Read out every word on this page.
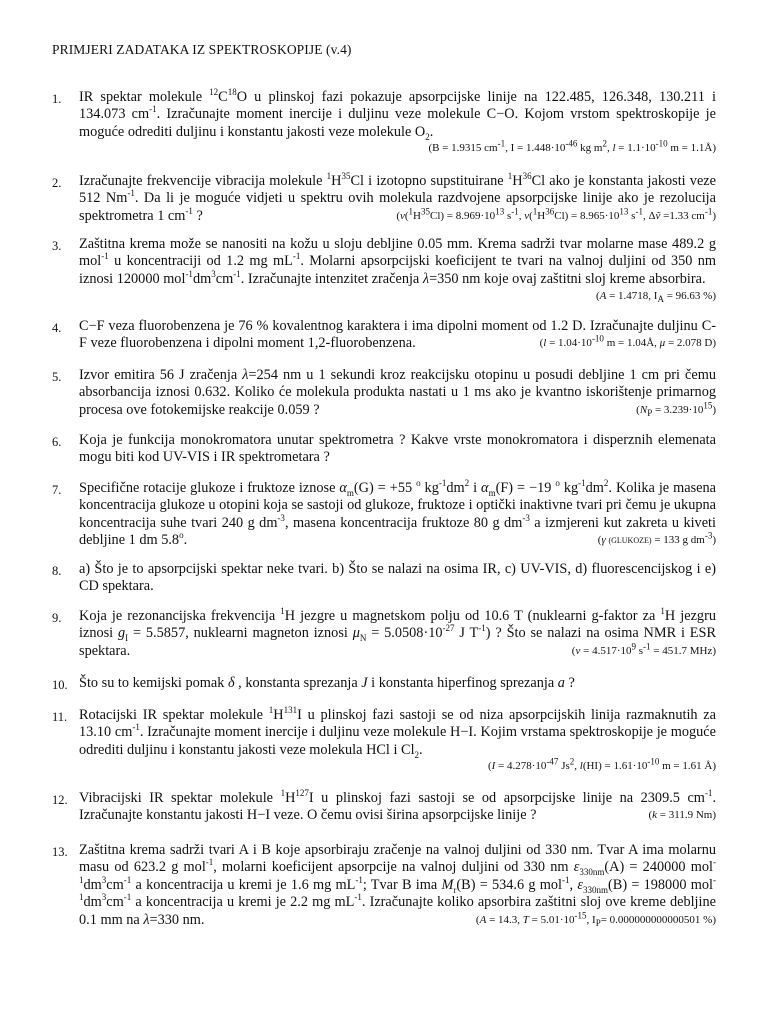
PRIMJERI ZADATAKA IZ SPEKTROSKOPIJE (v.4)
1.	IR spektar molekule $^{12}C^{18}O$ u plinskoj fazi pokazuje apsorpcijske linije na 122.485, 126.348, 130.211 i 134.073 $cm^{-1}$. Izračunajte moment inercije i duljinu veze molekule C−O. Kojom vrstom spektroskopije je moguće odrediti duljinu i konstantu jakosti veze molekule $O_2$.
(B = 1.9315 $cm^{-1}$, $I = 1.448\cdot 10^{-46}$ kg $m^2$, $l = 1.1\cdot 10^{-10}$ m = 1.1Å)
2.	Izračunajte frekvencije vibracija molekule $^1H^{35}Cl$ i izotopno supstituirane $^1H^{36}Cl$ ako je konstanta jakosti veze 512 $Nm^{-1}$. Da li je moguće vidjeti u spektru ovih molekula razdvojene apsorpcijske linije ako je rezolucija spektrometra 1 $cm^{-1}$ ?	($v(^1H^{35}Cl) = 8.969\cdot 10^{13}$ $s^{-1}$, $v(^1H^{36}Cl) = 8.965\cdot 10^{13}$ $s^{-1}$, Δṽ =1.33 $cm^{-1}$)
3.	Zaštitna krema može se nanositi na kožu u sloju debljine 0.05 mm. Krema sadrži tvar molarne mase 489.2 g mol$^{-1}$ u koncentraciji od 1.2 mg $mL^{-1}$. Molarni apsorpcijski koeficijent te tvari na valnoj duljini od 350 nm iznosi 120000 $mol^{-1}dm^3cm^{-1}$. Izračunajte intenzitet zračenja λ=350 nm koje ovaj zaštitni sloj kreme absorbira.
(A = 1.4718, $I_A = 96.63$ %)
4.	C−F veza fluorobenzena je 76 % kovalentnog karaktera i ima dipolni moment od 1.2 D. Izračunajte duljinu C-F veze fluorobenzena i dipolni moment 1,2-fluorobenzena.	($l = 1.04\cdot 10^{-10}$ m = 1.04Å, μ = 2.078 D)
5.	Izvor emitira 56 J zračenja λ=254 nm u 1 sekundi kroz reakcijsku otopinu u posudi debljine 1 cm pri čemu absorbancija iznosi 0.632. Koliko će molekula produkta nastati u 1 ms ako je kvantno iskorištenje primarnog procesa ove fotokemijske reakcije 0.059 ?	$(N_P = 3.239\cdot 10^{15})$
6.	Koja je funkcija monokromatora unutar spektrometra ? Kakve vrste monokromatora i disperznih elemenata mogu biti kod UV-VIS i IR spektrometara ?
7.	Specifične rotacije glukoze i fruktoze iznose $\alpha_m(G) = +55$ $^o$ $kg^{-1}dm^2$ i $\alpha_m(F) = -19$ $^o$ $kg^{-1}dm^2$. Kolika je masena koncentracija glukoze u otopini koja se sastoji od glukoze, fruktoze i optički inaktivne tvari pri čemu je ukupna koncentracija suhe tvari 240 g $dm^{-3}$, masena koncentracija fruktoze 80 g $dm^{-3}$ a izmjereni kut zakreta u kiveti debljine 1 dm 5.8$^o$.	(γ (GLUKOZE) = 133 g $dm^{-3}$)
8.	a) Što je to apsorpcijski spektar neke tvari. b) Što se nalazi na osima IR, c) UV-VIS, d) fluorescencijskog i e) CD spektara.
9.	Koja je rezonancijska frekvencija $^1$H jezgre u magnetskom polju od 10.6 T (nuklearni g-faktor za $^1$H jezgru iznosi $g_I = 5.5857$, nuklearni magneton iznosi $\mu_N = 5.0508\cdot 10^{-27}$ J $T^{-1}$) ? Što se nalazi na osima NMR i ESR spektara.	($v = 4.517\cdot 10^9$ $s^{-1} = 451.7$ MHz)
10. Što su to kemijski pomak δ , konstanta sprezanja J i konstanta hiperfinog sprezanja a ?
11. Rotacijski IR spektar molekule $^1H^{131}I$ u plinskoj fazi sastoji se od niza apsorpcijskih linija razmaknutih za 13.10 $cm^{-1}$. Izračunajte moment inercije i duljinu veze molekule H−I. Kojim vrstama spektroskopije je moguće odrediti duljinu i konstantu jakosti veze molekula HCl i $Cl_2$.
($I = 4.278\cdot 10^{-47}$ Js$^2$, $l(HI) = 1.61\cdot 10^{-10}$ m = 1.61 Å)
12. Vibracijski IR spektar molekule $^1H^{127}I$ u plinskoj fazi sastoji se od apsorpcijske linije na 2309.5 $cm^{-1}$. Izračunajte konstantu jakosti H−I veze. O čemu ovisi širina apsorpcijske linije ?	(k = 311.9 Nm)
13. Zaštitna krema sadrži tvari A i B koje apsorbiraju zračenje na valnoj duljini od 330 nm. Tvar A ima molarnu masu od 623.2 g mol$^{-1}$, molarni koeficijent apsorpcije na valnoj duljini od 330 nm $\varepsilon_{330nm}(A) = 240000$ $mol^{-1}dm^3cm^{-1}$ a koncentracija u kremi je 1.6 mg $mL^{-1}$; Tvar B ima $M_r(B) = 534.6$ g mol$^{-1}$, $\varepsilon_{330nm}(B) = 198000$ $mol^{-1}dm^3cm^{-1}$ a koncentracija u kremi je 2.2 mg $mL^{-1}$. Izračunajte koliko apsorbira zaštitni sloj ove kreme debljine 0.1 mm na λ=330 nm.	(A = 14.3, $T = 5.01\cdot 10^{-15}$, $I_P= 0.000000000000501$ %)
